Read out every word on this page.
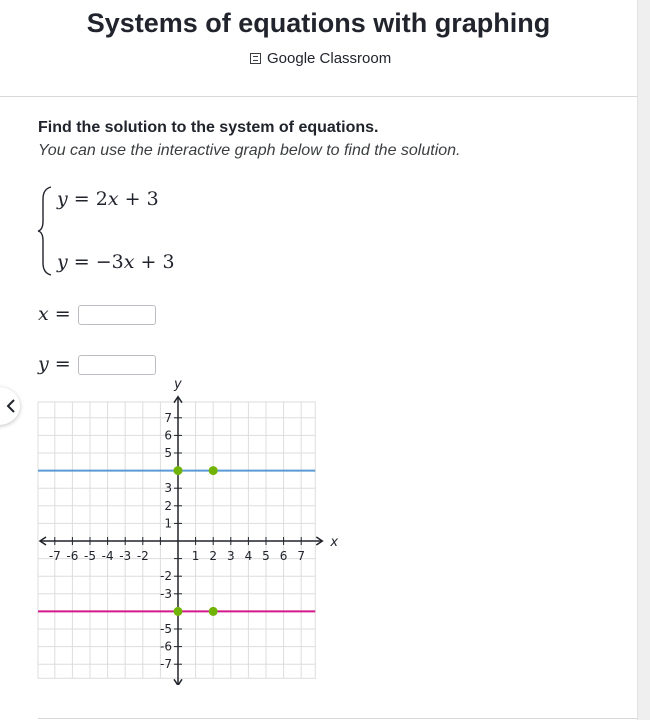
Systems of equations with graphing
Google Classroom
Find the solution to the system of equations.
You can use the interactive graph below to find the solution.
y = 2x + 3
y = −3x + 3
x =
y =
-7 -6 -5 -4 -3 -2	1 2 3 4 5 6 7
7
6
5
3
2
1
-2
-3
-5
-6
-7
x
y
